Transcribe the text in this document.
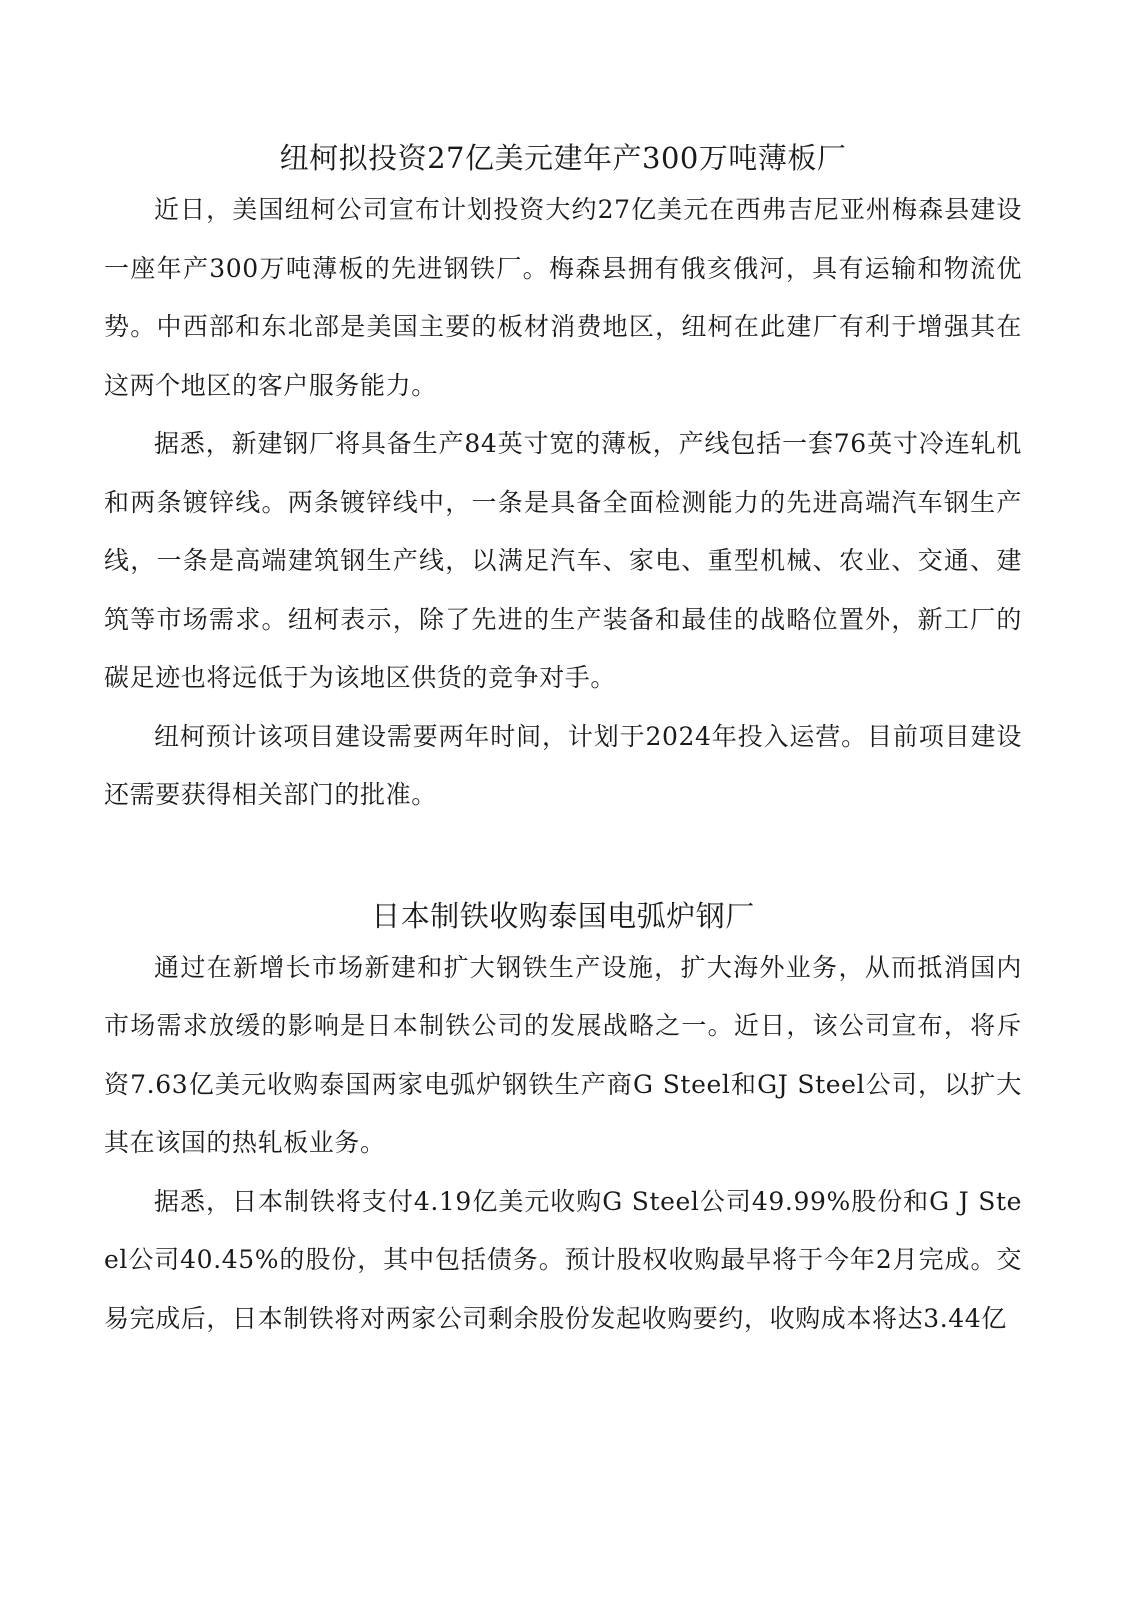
纽柯拟投资27亿美元建年产300万吨薄板厂

近日，美国纽柯公司宣布计划投资大约27亿美元在西弗吉尼亚州梅森县建设一座年产300万吨薄板的先进钢铁厂。梅森县拥有俄亥俄河，具有运输和物流优势。中西部和东北部是美国主要的板材消费地区，纽柯在此建厂有利于增强其在这两个地区的客户服务能力。

据悉，新建钢厂将具备生产84英寸宽的薄板，产线包括一套76英寸冷连轧机和两条镀锌线。两条镀锌线中，一条是具备全面检测能力的先进高端汽车钢生产线，一条是高端建筑钢生产线，以满足汽车、家电、重型机械、农业、交通、建筑等市场需求。纽柯表示，除了先进的生产装备和最佳的战略位置外，新工厂的碳足迹也将远低于为该地区供货的竞争对手。

纽柯预计该项目建设需要两年时间，计划于2024年投入运营。目前项目建设还需要获得相关部门的批准。

日本制铁收购泰国电弧炉钢厂

通过在新增长市场新建和扩大钢铁生产设施，扩大海外业务，从而抵消国内市场需求放缓的影响是日本制铁公司的发展战略之一。近日，该公司宣布，将斥资7.63亿美元收购泰国两家电弧炉钢铁生产商G Steel和GJ Steel公司，以扩大其在该国的热轧板业务。

据悉，日本制铁将支付4.19亿美元收购G Steel公司49.99%股份和G J Steel公司40.45%的股份，其中包括债务。预计股权收购最早将于今年2月完成。交易完成后，日本制铁将对两家公司剩余股份发起收购要约，收购成本将达3.44亿
